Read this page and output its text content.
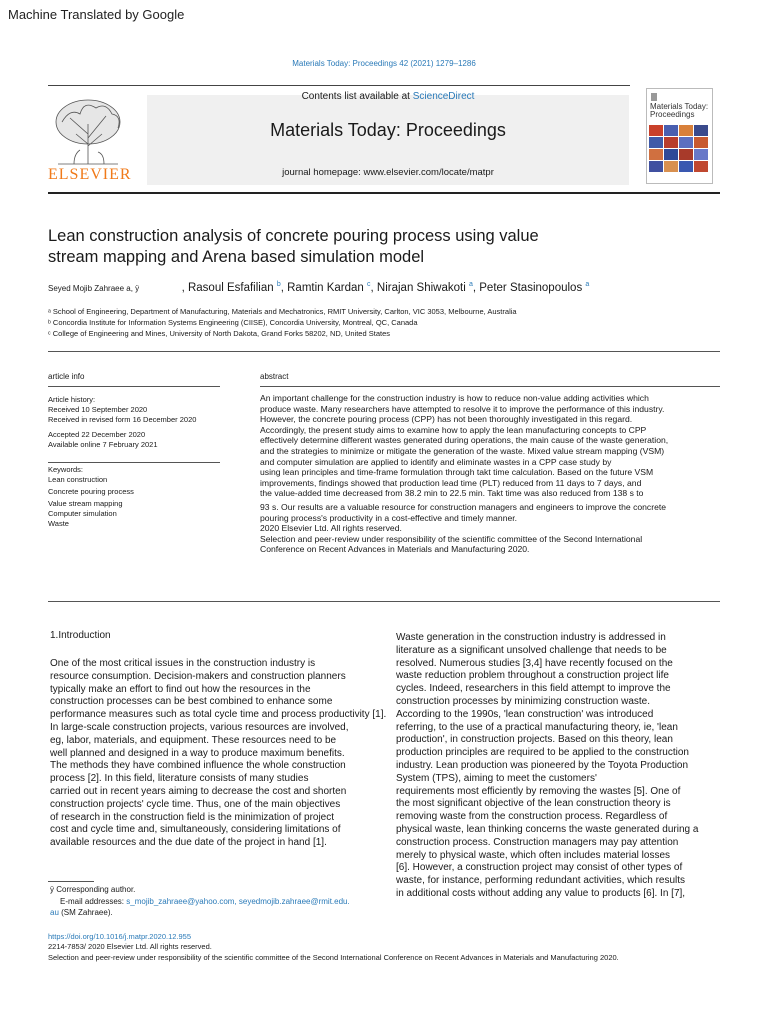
Machine Translated by Google
Materials Today: Proceedings 42 (2021) 1279–1286
Contents list available at ScienceDirect
Materials Today: Proceedings
journal homepage: www.elsevier.com/locate/matpr
ELSEVIER
Materials Today: Proceedings
Lean construction analysis of concrete pouring process using value
stream mapping and Arena based simulation model
Seyed Mojib Zahraee a, ÿ	, Rasoul Esfafilian $^b$, Ramtin Kardan $^c$, Nirajan Shiwakoti $^a$, Peter Stasinopoulos $^a$
ᵃ School of Engineering, Department of Manufacturing, Materials and Mechatronics, RMIT University, Carlton, VIC 3053, Melbourne, Australia
ᵇ Concordia Institute for Information Systems Engineering (CIISE), Concordia University, Montreal, QC, Canada
ᶜ College of Engineering and Mines, University of North Dakota, Grand Forks 58202, ND, United States
article info
Article history:
Received 10 September 2020
Received in revised form 16 December 2020
Accepted 22 December 2020
Available online 7 February 2021
Keywords:
Lean construction
Concrete pouring process
Value stream mapping
Computer simulation
Waste
abstract
An important challenge for the construction industry is how to reduce non-value adding activities which
produce waste. Many researchers have attempted to resolve it to improve the performance of this industry.
However, the concrete pouring process (CPP) has not been thoroughly investigated in this regard.
Accordingly, the present study aims to examine how to apply the lean manufacturing concepts to CPP
effectively determine different wastes generated during operations, the main cause of the waste generation,
and the strategies to minimize or mitigate the generation of the waste. Mixed value stream mapping (VSM)
and computer simulation are applied to identify and eliminate wastes in a CPP case study by
using lean principles and time-frame formulation through takt time calculation. Based on the future VSM
improvements, findings showed that production lead time (PLT) reduced from 11 days to 7 days, and
the value-added time decreased from 38.2 min to 22.5 min. Takt time was also reduced from 138 s to
93 s. Our results are a valuable resource for construction managers and engineers to improve the concrete
pouring process's productivity in a cost-effective and timely manner.
2020 Elsevier Ltd. All rights reserved.
Selection and peer-review under responsibility of the scientific committee of the Second International
Conference on Recent Advances in Materials and Manufacturing 2020.
1.Introduction
One of the most critical issues in the construction industry is
resource consumption. Decision-makers and construction planners
typically make an effort to find out how the resources in the
construction processes can be best combined to enhance some
performance measures such as total cycle time and process productivity [1].
In large-scale construction projects, various resources are involved,
eg, labor, materials, and equipment. These resources need to be
well planned and designed in a way to produce maximum benefits.
The methods they have combined influence the whole construction
process [2]. In this field, literature consists of many studies
carried out in recent years aiming to decrease the cost and shorten
construction projects' cycle time. Thus, one of the main objectives
of research in the construction field is the minimization of project
cost and cycle time and, simultaneously, considering limitations of
available resources and the due date of the project in hand [1].
Waste generation in the construction industry is addressed in
literature as a significant unsolved challenge that needs to be
resolved. Numerous studies [3,4] have recently focused on the
waste reduction problem throughout a construction project life
cycles. Indeed, researchers in this field attempt to improve the
construction processes by minimizing construction waste.
According to the 1990s, 'lean construction' was introduced
referring, to the use of a practical manufacturing theory, ie, 'lean
production', in construction projects. Based on this theory, lean
production principles are required to be applied to the construction
industry. Lean production was pioneered by the Toyota Production
System (TPS), aiming to meet the customers'
requirements most efficiently by removing the wastes [5]. One of
the most significant objective of the lean construction theory is
removing waste from the construction process. Regardless of
physical waste, lean thinking concerns the waste generated during a
construction process. Construction managers may pay attention
merely to physical waste, which often includes material losses
[6]. However, a construction project may consist of other types of
waste, for instance, performing redundant activities, which results
in additional costs without adding any value to products [6]. In [7],
ÿ Corresponding author.
E-mail addresses: s_mojib_zahraee@yahoo.com, seyedmojib.zahraee@rmit.edu.
au (SM Zahraee).
https://doi.org/10.1016/j.matpr.2020.12.955
2214-7853/ 2020 Elsevier Ltd. All rights reserved.
Selection and peer-review under responsibility of the scientific committee of the Second International Conference on Recent Advances in Materials and Manufacturing 2020.
